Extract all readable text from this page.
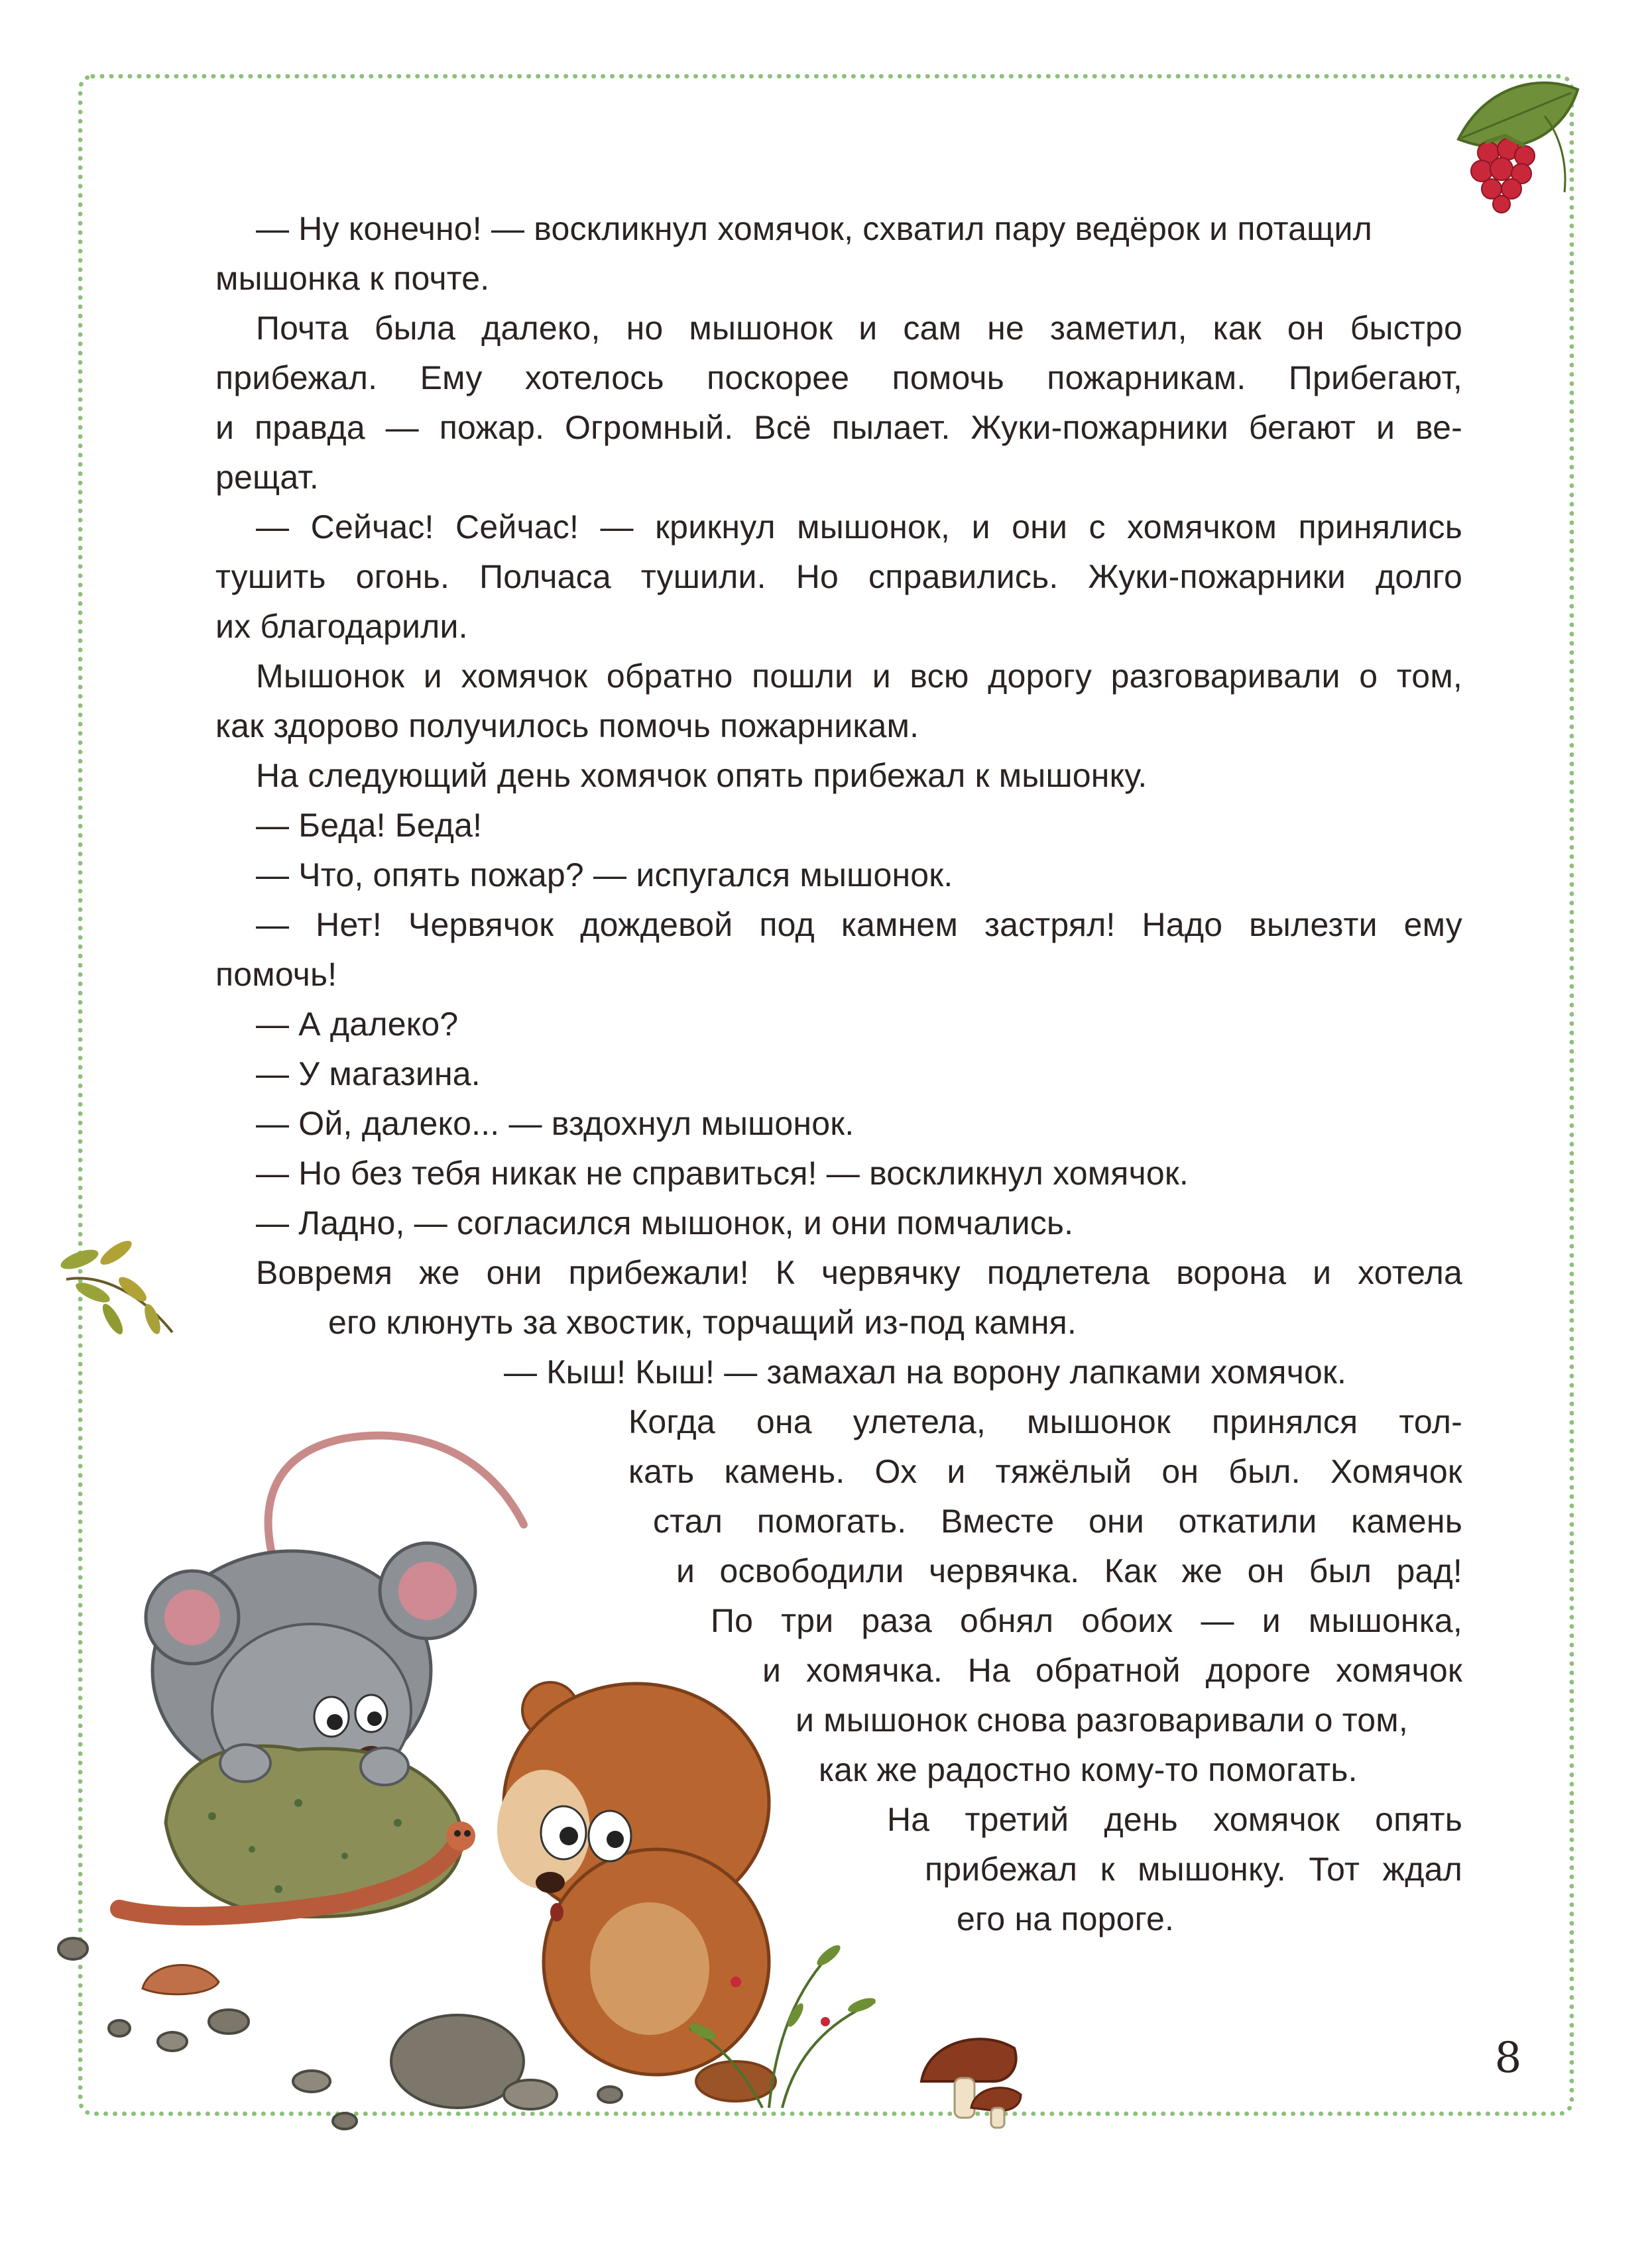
— Ну конечно! — воскликнул хомячок, схватил пару ведёрок и потащил
мышонка к почте.
Почта была далеко, но мышонок и сам не заметил, как он быстро
прибежал. Ему хотелось поскорее помочь пожарникам. Прибегают,
и правда — пожар. Огромный. Всё пылает. Жуки-пожарники бегают и ве-
рещат.
— Сейчас! Сейчас! — крикнул мышонок, и они с хомячком принялись
тушить огонь. Полчаса тушили. Но справились. Жуки-пожарники долго
их благодарили.
Мышонок и хомячок обратно пошли и всю дорогу разговаривали о том,
как здорово получилось помочь пожарникам.
На следующий день хомячок опять прибежал к мышонку.
— Беда! Беда!
— Что, опять пожар? — испугался мышонок.
— Нет! Червячок дождевой под камнем застрял! Надо вылезти ему
помочь!
— А далеко?
— У магазина.
— Ой, далеко... — вздохнул мышонок.
— Но без тебя никак не справиться! — воскликнул хомячок.
— Ладно, — согласился мышонок, и они помчались.
Вовремя же они прибежали! К червячку подлетела ворона и хотела
его клюнуть за хвостик, торчащий из-под камня.
— Кыш! Кыш! — замахал на ворону лапками хомячок.
Когда она улетела, мышонок принялся тол-
кать камень. Ох и тяжёлый он был. Хомячок
стал помогать. Вместе они откатили камень
и освободили червячка. Как же он был рад!
По три раза обнял обоих — и мышонка,
и хомячка. На обратной дороге хомячок
и мышонок снова разговаривали о том,
как же радостно кому-то помогать.
На третий день хомячок опять
прибежал к мышонку. Тот ждал
его на пороге.
8
